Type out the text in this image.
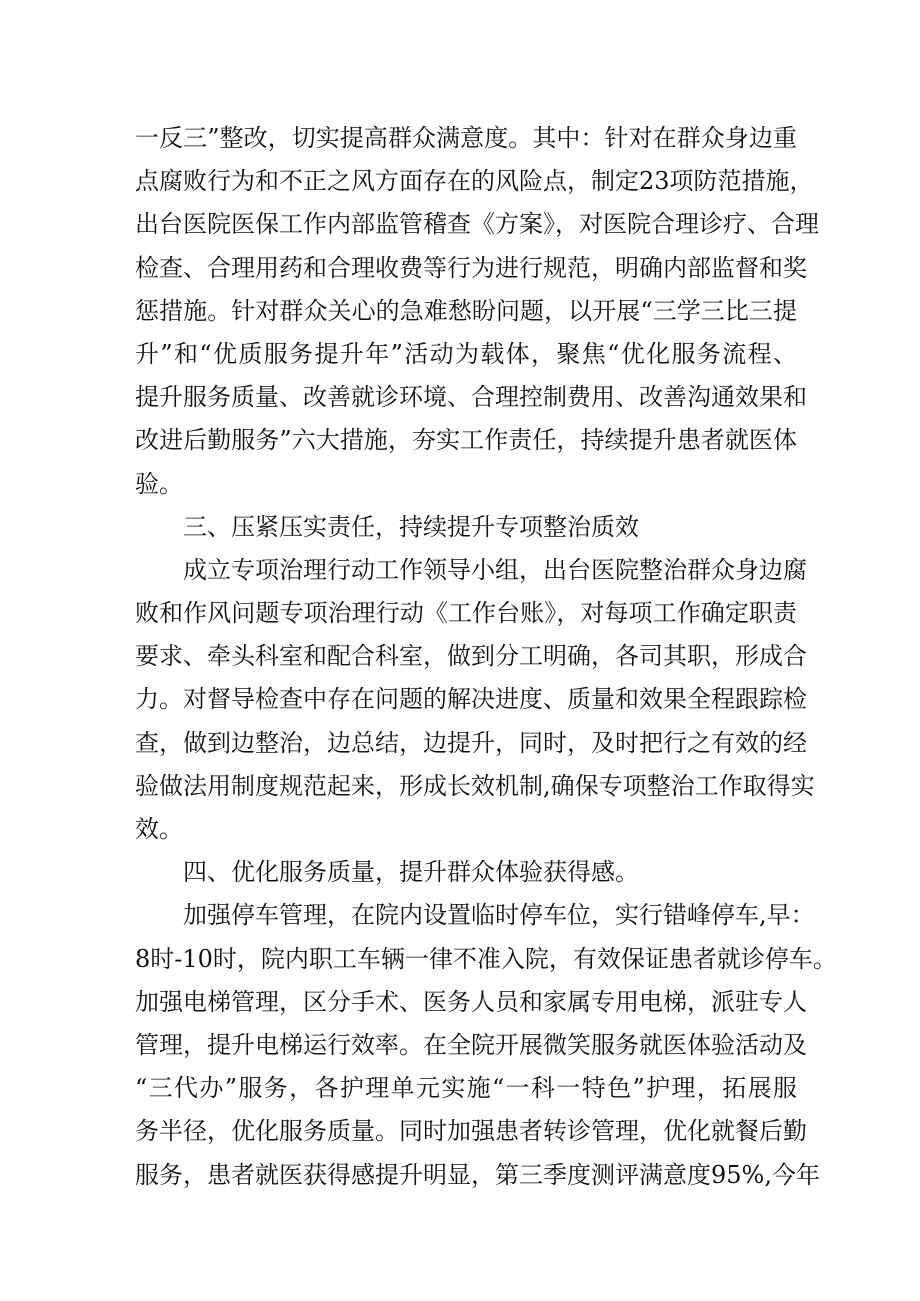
一反三”整改，切实提高群众满意度。其中：针对在群众身边重
点腐败行为和不正之风方面存在的风险点，制定23项防范措施，
出台医院医保工作内部监管稽查《方案》，对医院合理诊疗、合理
检查、合理用药和合理收费等行为进行规范，明确内部监督和奖
惩措施。针对群众关心的急难愁盼问题，以开展“三学三比三提
升”和“优质服务提升年”活动为载体，聚焦“优化服务流程、
提升服务质量、改善就诊环境、合理控制费用、改善沟通效果和
改进后勤服务”六大措施，夯实工作责任，持续提升患者就医体
验。
三、压紧压实责任，持续提升专项整治质效
成立专项治理行动工作领导小组，出台医院整治群众身边腐
败和作风问题专项治理行动《工作台账》，对每项工作确定职责
要求、牵头科室和配合科室，做到分工明确，各司其职，形成合
力。对督导检查中存在问题的解决进度、质量和效果全程跟踪检
查，做到边整治，边总结，边提升，同时，及时把行之有效的经
验做法用制度规范起来，形成长效机制,确保专项整治工作取得实
效。
四、优化服务质量，提升群众体验获得感。
加强停车管理，在院内设置临时停车位，实行错峰停车,早：
8时-10时，院内职工车辆一律不准入院，有效保证患者就诊停车。
加强电梯管理，区分手术、医务人员和家属专用电梯，派驻专人
管理，提升电梯运行效率。在全院开展微笑服务就医体验活动及
“三代办”服务，各护理单元实施“一科一特色”护理，拓展服
务半径，优化服务质量。同时加强患者转诊管理，优化就餐后勤
服务，患者就医获得感提升明显，第三季度测评满意度95%,今年
